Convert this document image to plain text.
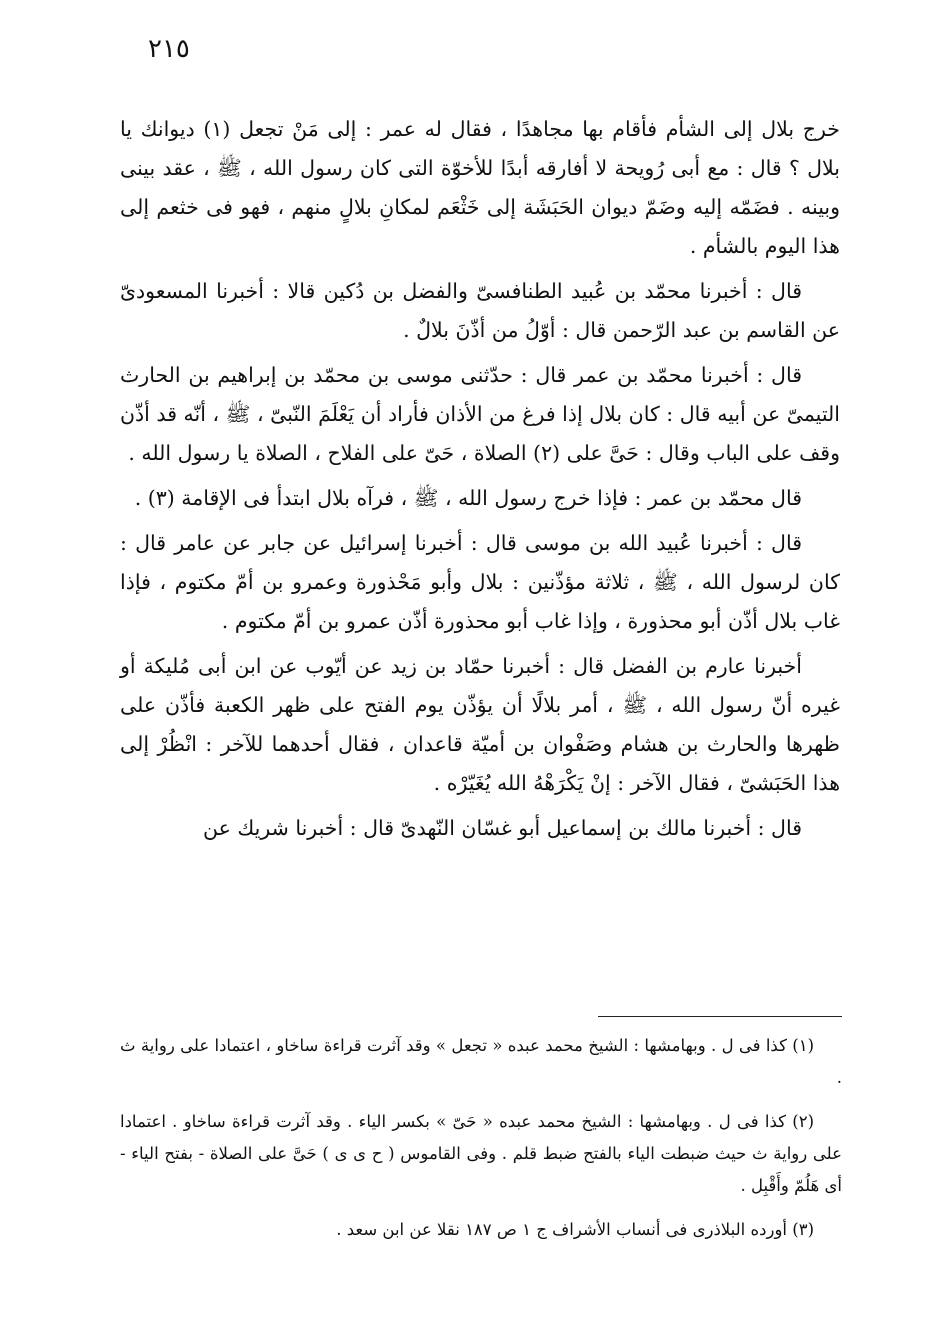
٢١٥

خرج بلال إلى الشأم فأقام بها مجاهدًا ، فقال له عمر : إلى مَنْ تجعل (١) ديوانك يا بلال ؟ قال : مع أبى رُويحة لا أفارقه أبدًا للأخوّة التى كان رسول الله ، ﷺ ، عقد بينى وبينه . فضَمّه إليه وضَمّ ديوان الحَبَشَة إلى خَثْعَم لمكانِ بلالٍ منهم ، فهو فى خثعم إلى هذا اليوم بالشأم .

قال : أخبرنا محمّد بن عُبيد الطنافسىّ والفضل بن دُكين قالا : أخبرنا المسعودىّ عن القاسم بن عبد الرّحمن قال : أوّلُ من أذّنَ بلالٌ .

قال : أخبرنا محمّد بن عمر قال : حدّثنى موسى بن محمّد بن إبراهيم بن الحارث التيمىّ عن أبيه قال : كان بلال إذا فرغ من الأذان فأراد أن يَعْلَمَ النّبىّ ، ﷺ ، أنّه قد أذّن وقف على الباب وقال : حَىَّ على (٢) الصلاة ، حَىّ على الفلاح ، الصلاة يا رسول الله .

قال محمّد بن عمر : فإذا خرج رسول الله ، ﷺ ، فرآه بلال ابتدأ فى الإقامة (٣) .

قال : أخبرنا عُبيد الله بن موسى قال : أخبرنا إسرائيل عن جابر عن عامر قال : كان لرسول الله ، ﷺ ، ثلاثة مؤذّنين : بلال وأبو مَحْذورة وعمرو بن أمّ مكتوم ، فإذا غاب بلال أذّن أبو محذورة ، وإذا غاب أبو محذورة أذّن عمرو بن أمّ مكتوم .

أخبرنا عارم بن الفضل قال : أخبرنا حمّاد بن زيد عن أيّوب عن ابن أبى مُليكة أو غيره أنّ رسول الله ، ﷺ ، أمر بلالًا أن يؤذّن يوم الفتح على ظهر الكعبة فأذّن على ظهرها والحارث بن هشام وصَفْوان بن أميّة قاعدان ، فقال أحدهما للآخر : انْظُرْ إلى هذا الحَبَشىّ ، فقال الآخر : إنْ يَكْرَهْهُ الله يُغَيّرْه .

قال : أخبرنا مالك بن إسماعيل أبو غسّان النّهدىّ قال : أخبرنا شريك عن

(١) كذا فى ل . وبهامشها : الشيخ محمد عبده « تجعل » وقد آثرت قراءة ساخاو ، اعتمادا على رواية ث .

(٢) كذا فى ل . وبهامشها : الشيخ محمد عبده « حَىّ » بكسر الياء . وقد آثرت قراءة ساخاو . اعتمادا على رواية ث حيث ضبطت الياء بالفتح ضبط قلم . وفى القاموس ( ح ى ى ) حَىَّ على الصلاة - بفتح الياء - أى هَلُمّ وأَقْبِل .

(٣) أورده البلاذرى فى أنساب الأشراف ج ١ ص ١٨٧ نقلا عن ابن سعد .
